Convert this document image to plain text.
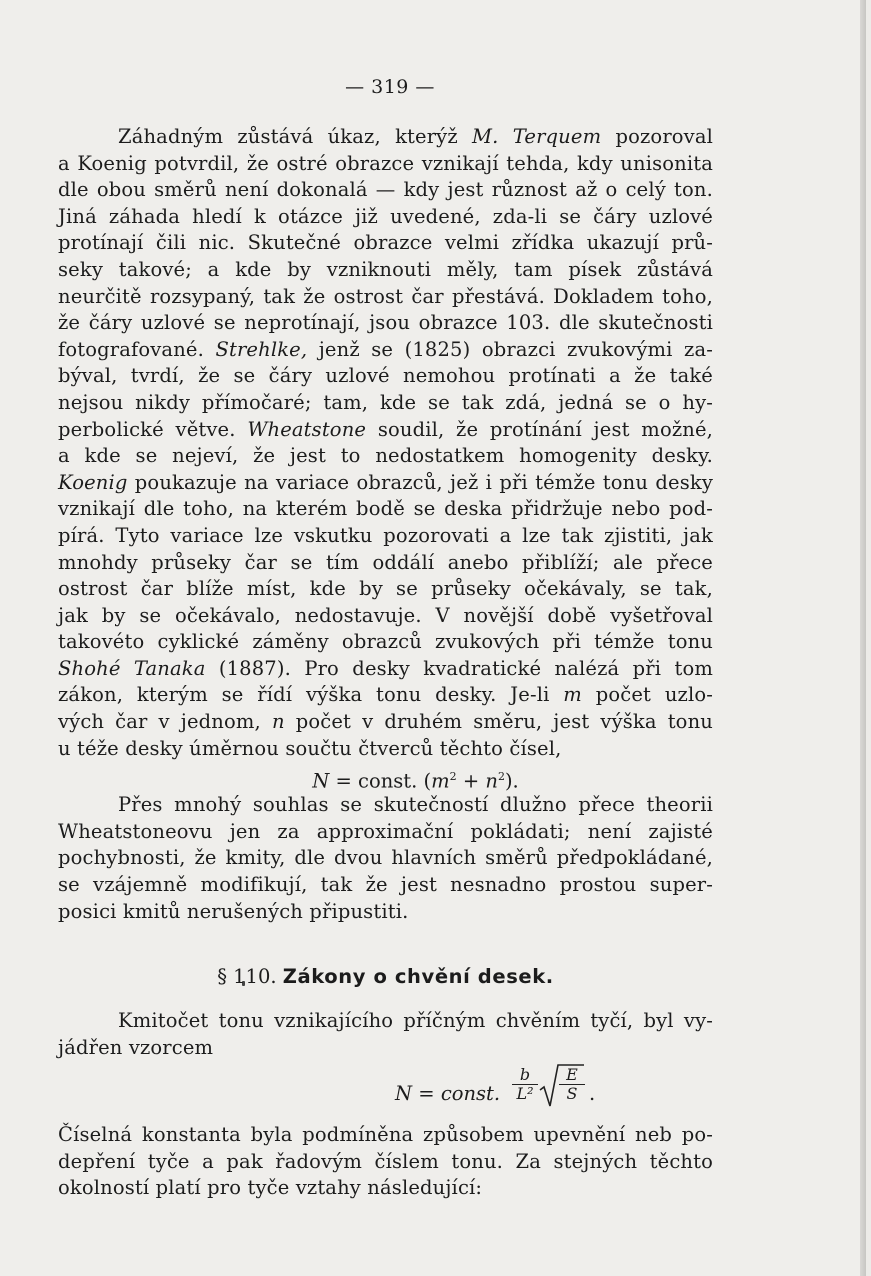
— 319 —
Záhadným zůstává úkaz, kterýž M. Terquem pozoroval
a Koenig potvrdil, že ostré obrazce vznikají tehda, kdy unisonita
dle obou směrů není dokonalá — kdy jest různost až o celý ton.
Jiná záhada hledí k otázce již uvedené, zda-li se čáry uzlové
protínají čili nic. Skutečné obrazce velmi zřídka ukazují prů-
seky takové; a kde by vzniknouti měly, tam písek zůstává
neurčitě rozsypaný, tak že ostrost čar přestává. Dokladem toho,
že čáry uzlové se neprotínají, jsou obrazce 103. dle skutečnosti
fotografované. Strehlke, jenž se (1825) obrazci zvukovými za-
býval, tvrdí, že se čáry uzlové nemohou protínati a že také
nejsou nikdy přímočaré; tam, kde se tak zdá, jedná se o hy-
perbolické větve. Wheatstone soudil, že protínání jest možné,
a kde se nejeví, že jest to nedostatkem homogenity desky.
Koenig poukazuje na variace obrazců, jež i při témže tonu desky
vznikají dle toho, na kterém bodě se deska přidržuje nebo pod-
pírá. Tyto variace lze vskutku pozorovati a lze tak zjistiti, jak
mnohdy průseky čar se tím oddálí anebo přiblíží; ale přece
ostrost čar blíže míst, kde by se průseky očekávaly, se tak,
jak by se očekávalo, nedostavuje. V novější době vyšetřoval
takovéto cyklické záměny obrazců zvukových při témže tonu
Shohé Tanaka (1887). Pro desky kvadratické nalézá při tom
zákon, kterým se řídí výška tonu desky. Je-li m počet uzlo-
vých čar v jednom, n počet v druhém směru, jest výška tonu
u téže desky úměrnou součtu čtverců těchto čísel,
N = const. $(m^2 + n^2)$.
Přes mnohý souhlas se skutečností dlužno přece theorii
Wheatstoneovu jen za approximační pokládati; není zajisté
pochybnosti, že kmity, dle dvou hlavních směrů předpokládané,
se vzájemně modifikují, tak že jest nesnadno prostou super-
posici kmitů nerušených připustiti.
§ 110. Zákony o chvění desek.
Kmitočet tonu vznikajícího příčným chvěním tyčí, byl vy-
jádřen vzorcem
N = const.
b
L²
E
S .
Číselná konstanta byla podmíněna způsobem upevnění neb po-
depření tyče a pak řadovým číslem tonu. Za stejných těchto
okolností platí pro tyče vztahy následující:
